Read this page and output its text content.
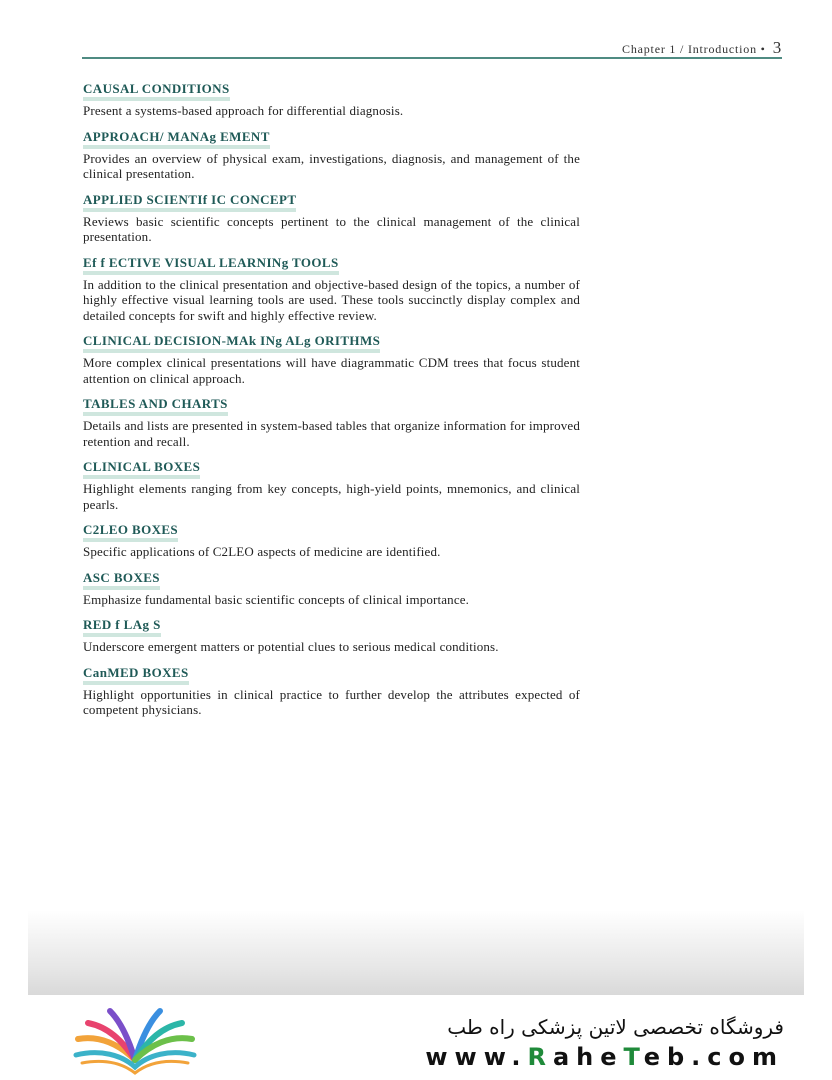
Chapter 1 / Introduction • 3
CAUSAL CONDITIONS
Present a systems-based approach for differential diagnosis.
APPROACH/ MANAg EMENT
Provides an overview of physical exam, investigations, diagnosis, and management of the clinical presentation.
APPLIED SCIENTIf IC CONCEPT
Reviews basic scientific concepts pertinent to the clinical management of the clinical presentation.
Ef f ECTIVE VISUAL LEARNINg TOOLS
In addition to the clinical presentation and objective-based design of the topics, a number of highly effective visual learning tools are used. These tools succinctly display complex and detailed concepts for swift and highly effective review.
CLINICAL DECISION-MAk INg ALg ORITHMS
More complex clinical presentations will have diagrammatic CDM trees that focus student attention on clinical approach.
TABLES AND CHARTS
Details and lists are presented in system-based tables that organize information for improved retention and recall.
CLINICAL BOXES
Highlight elements ranging from key concepts, high-yield points, mnemonics, and clinical pearls.
C2LEO BOXES
Specific applications of C2LEO aspects of medicine are identified.
ASC BOXES
Emphasize fundamental basic scientific concepts of clinical importance.
RED f LAg S
Underscore emergent matters or potential clues to serious medical conditions.
CanMED BOXES
Highlight opportunities in clinical practice to further develop the attributes expected of competent physicians.
فروشگاه تخصصی لاتین پزشکی راه طب
www.RaheTeb.com
